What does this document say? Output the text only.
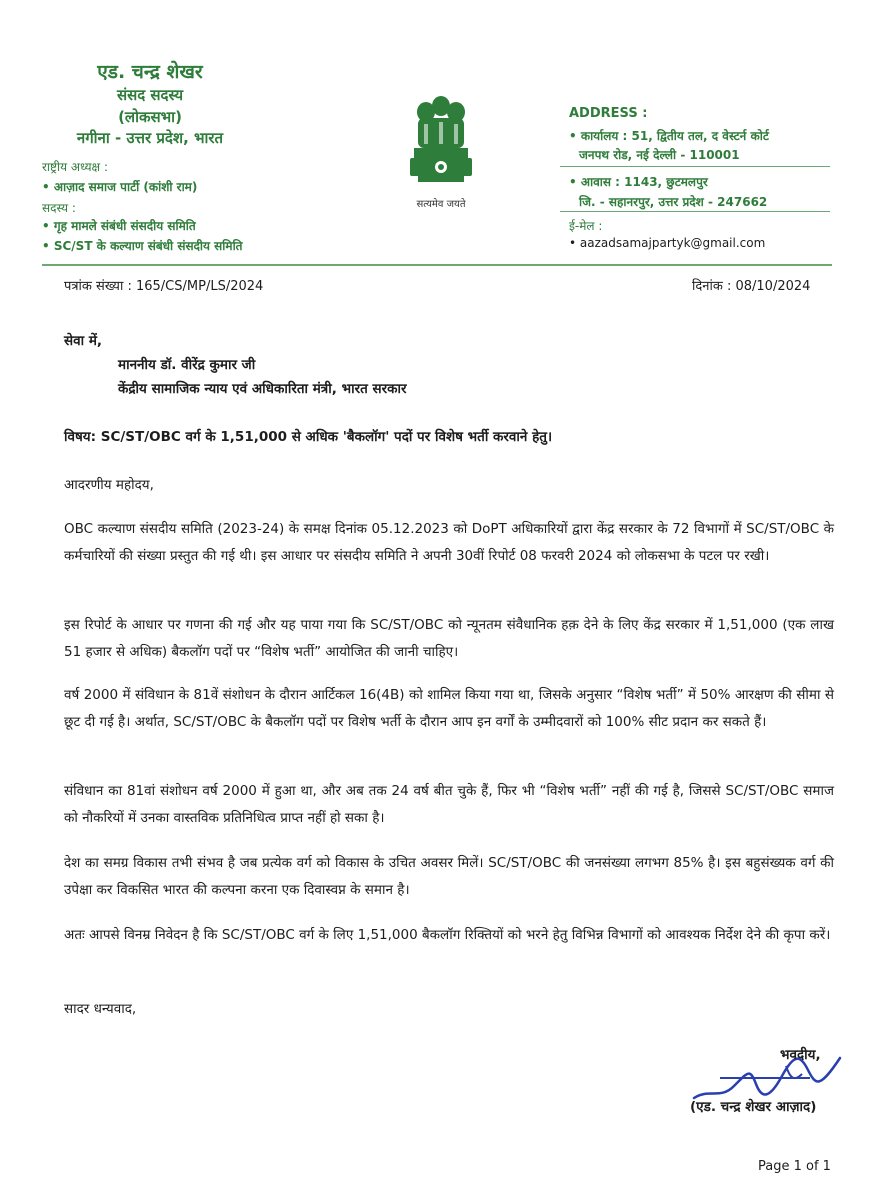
एड. चन्द्र शेखर
संसद सदस्य
(लोकसभा)
नगीना - उत्तर प्रदेश, भारत
राष्ट्रीय अध्यक्ष :
• आज़ाद समाज पार्टी (कांशी राम)
सदस्य :
• गृह मामले संबंधी संसदीय समिति
• SC/ST के कल्याण संबंधी संसदीय समिति
सत्यमेव जयते
ADDRESS :
• कार्यालय : 51, द्वितीय तल, द वेस्टर्न कोर्ट
जनपथ रोड, नई देल्ली - 110001
• आवास : 1143, छुटमलपुर
जि. - सहानरपुर, उत्तर प्रदेश - 247662
ई-मेल :
• aazadsamajpartyk@gmail.com
पत्रांक संख्या : 165/CS/MP/LS/2024	दिनांक : 08/10/2024
सेवा में,
माननीय डॉ. वीरेंद्र कुमार जी
केंद्रीय सामाजिक न्याय एवं अधिकारिता मंत्री, भारत सरकार
विषय: SC/ST/OBC वर्ग के 1,51,000 से अधिक 'बैकलॉग' पदों पर विशेष भर्ती करवाने हेतु।
आदरणीय महोदय,
OBC कल्याण संसदीय समिति (2023-24) के समक्ष दिनांक 05.12.2023 को DoPT अधिकारियों द्वारा केंद्र सरकार के 72 विभागों में SC/ST/OBC के कर्मचारियों की संख्या प्रस्तुत की गई थी। इस आधार पर संसदीय समिति ने अपनी 30वीं रिपोर्ट 08 फरवरी 2024 को लोकसभा के पटल पर रखी।
इस रिपोर्ट के आधार पर गणना की गई और यह पाया गया कि SC/ST/OBC को न्यूनतम संवैधानिक हक़ देने के लिए केंद्र सरकार में 1,51,000 (एक लाख 51 हजार से अधिक) बैकलॉग पदों पर “विशेष भर्ती” आयोजित की जानी चाहिए।
वर्ष 2000 में संविधान के 81वें संशोधन के दौरान आर्टिकल 16(4B) को शामिल किया गया था, जिसके अनुसार “विशेष भर्ती” में 50% आरक्षण की सीमा से छूट दी गई है। अर्थात, SC/ST/OBC के बैकलॉग पदों पर विशेष भर्ती के दौरान आप इन वर्गों के उम्मीदवारों को 100% सीट प्रदान कर सकते हैं।
संविधान का 81वां संशोधन वर्ष 2000 में हुआ था, और अब तक 24 वर्ष बीत चुके हैं, फिर भी “विशेष भर्ती” नहीं की गई है, जिससे SC/ST/OBC समाज को नौकरियों में उनका वास्तविक प्रतिनिधित्व प्राप्त नहीं हो सका है।
देश का समग्र विकास तभी संभव है जब प्रत्येक वर्ग को विकास के उचित अवसर मिलें। SC/ST/OBC की जनसंख्या लगभग 85% है। इस बहुसंख्यक वर्ग की उपेक्षा कर विकसित भारत की कल्पना करना एक दिवास्वप्न के समान है।
अतः आपसे विनम्र निवेदन है कि SC/ST/OBC वर्ग के लिए 1,51,000 बैकलॉग रिक्तियों को भरने हेतु विभिन्न विभागों को आवश्यक निर्देश देने की कृपा करें।
सादर धन्यवाद,
भवदीय,
(एड. चन्द्र शेखर आज़ाद)
Page 1 of 1
